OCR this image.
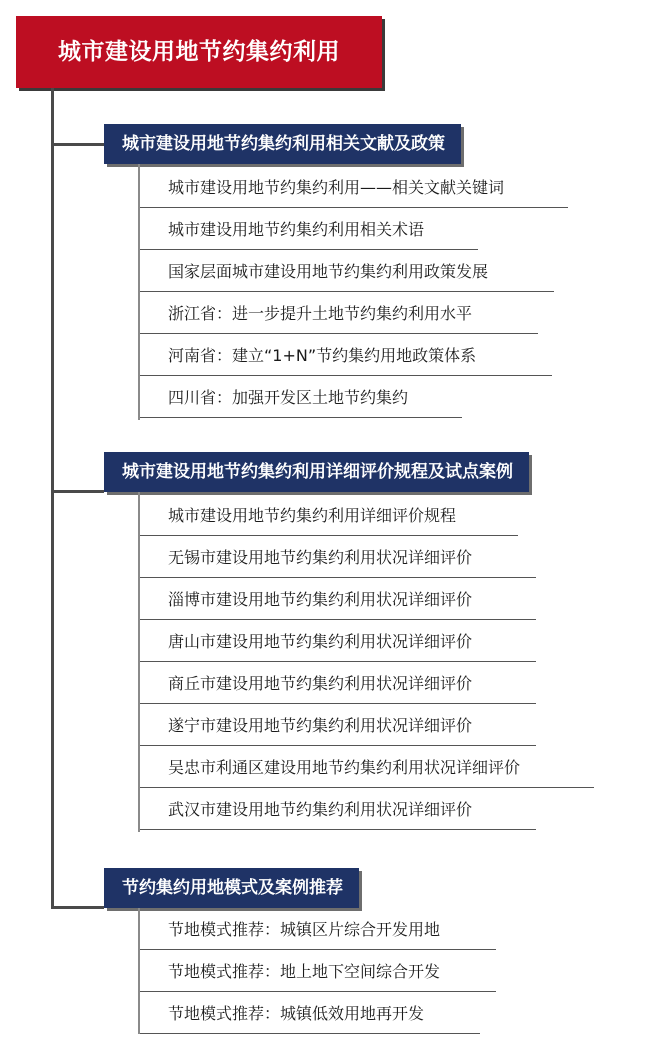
城市建设用地节约集约利用
城市建设用地节约集约利用相关文献及政策
城市建设用地节约集约利用——相关文献关键词
城市建设用地节约集约利用相关术语
国家层面城市建设用地节约集约利用政策发展
浙江省：进一步提升土地节约集约利用水平
河南省：建立“1+N”节约集约用地政策体系
四川省：加强开发区土地节约集约
城市建设用地节约集约利用详细评价规程及试点案例
城市建设用地节约集约利用详细评价规程
无锡市建设用地节约集约利用状况详细评价
淄博市建设用地节约集约利用状况详细评价
唐山市建设用地节约集约利用状况详细评价
商丘市建设用地节约集约利用状况详细评价
遂宁市建设用地节约集约利用状况详细评价
吴忠市利通区建设用地节约集约利用状况详细评价
武汉市建设用地节约集约利用状况详细评价
节约集约用地模式及案例推荐
节地模式推荐：城镇区片综合开发用地
节地模式推荐：地上地下空间综合开发
节地模式推荐：城镇低效用地再开发
